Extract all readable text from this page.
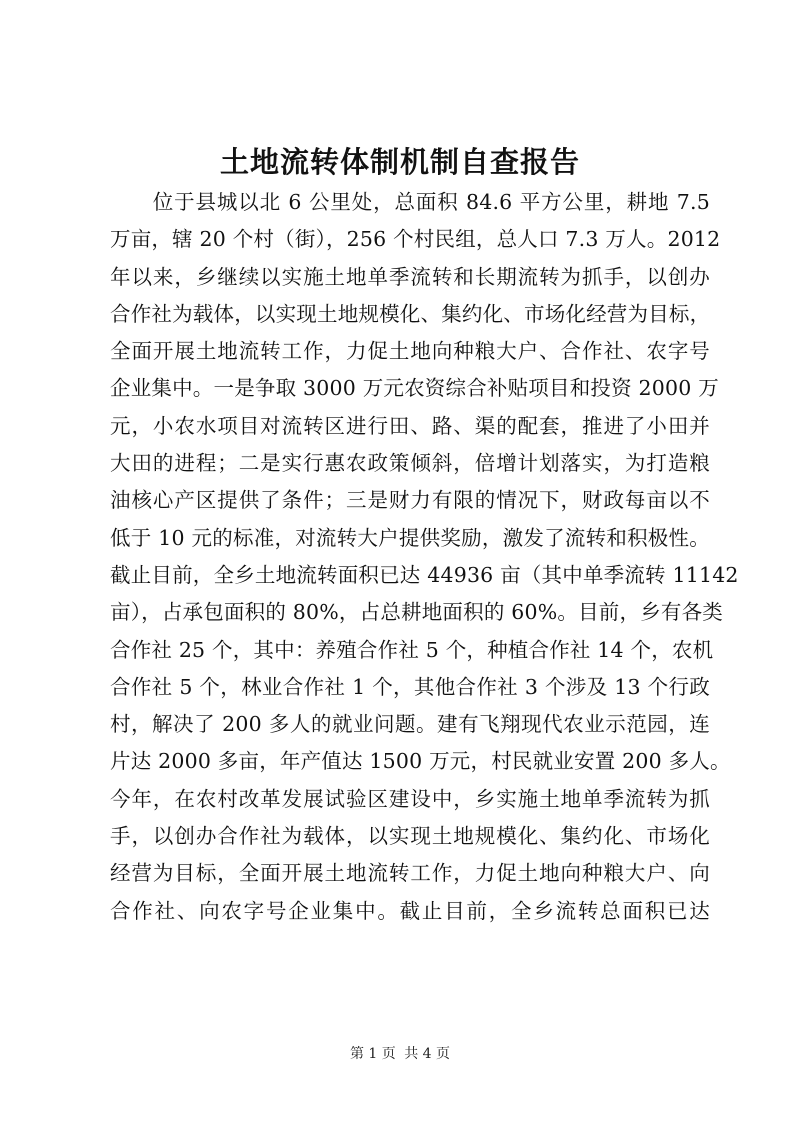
土地流转体制机制自查报告
　　位于县城以北 6 公里处，总面积 84.6 平方公里，耕地 7.5
万亩，辖 20 个村（街），256 个村民组，总人口 7.3 万人。2012
年以来，乡继续以实施土地单季流转和长期流转为抓手，以创办
合作社为载体，以实现土地规模化、集约化、市场化经营为目标，
全面开展土地流转工作，力促土地向种粮大户、合作社、农字号
企业集中。一是争取 3000 万元农资综合补贴项目和投资 2000 万
元，小农水项目对流转区进行田、路、渠的配套，推进了小田并
大田的进程；二是实行惠农政策倾斜，倍增计划落实，为打造粮
油核心产区提供了条件；三是财力有限的情况下，财政每亩以不
低于 10 元的标准，对流转大户提供奖励，激发了流转和积极性。
截止目前，全乡土地流转面积已达 44936 亩（其中单季流转 11142
亩），占承包面积的 80%，占总耕地面积的 60%。目前，乡有各类
合作社 25 个，其中：养殖合作社 5 个，种植合作社 14 个，农机
合作社 5 个，林业合作社 1 个，其他合作社 3 个涉及 13 个行政
村，解决了 200 多人的就业问题。建有飞翔现代农业示范园，连
片达 2000 多亩，年产值达 1500 万元，村民就业安置 200 多人。
今年，在农村改革发展试验区建设中，乡实施土地单季流转为抓
手，以创办合作社为载体，以实现土地规模化、集约化、市场化
经营为目标，全面开展土地流转工作，力促土地向种粮大户、向
合作社、向农字号企业集中。截止目前，全乡流转总面积已达
第 1 页 共 4 页
